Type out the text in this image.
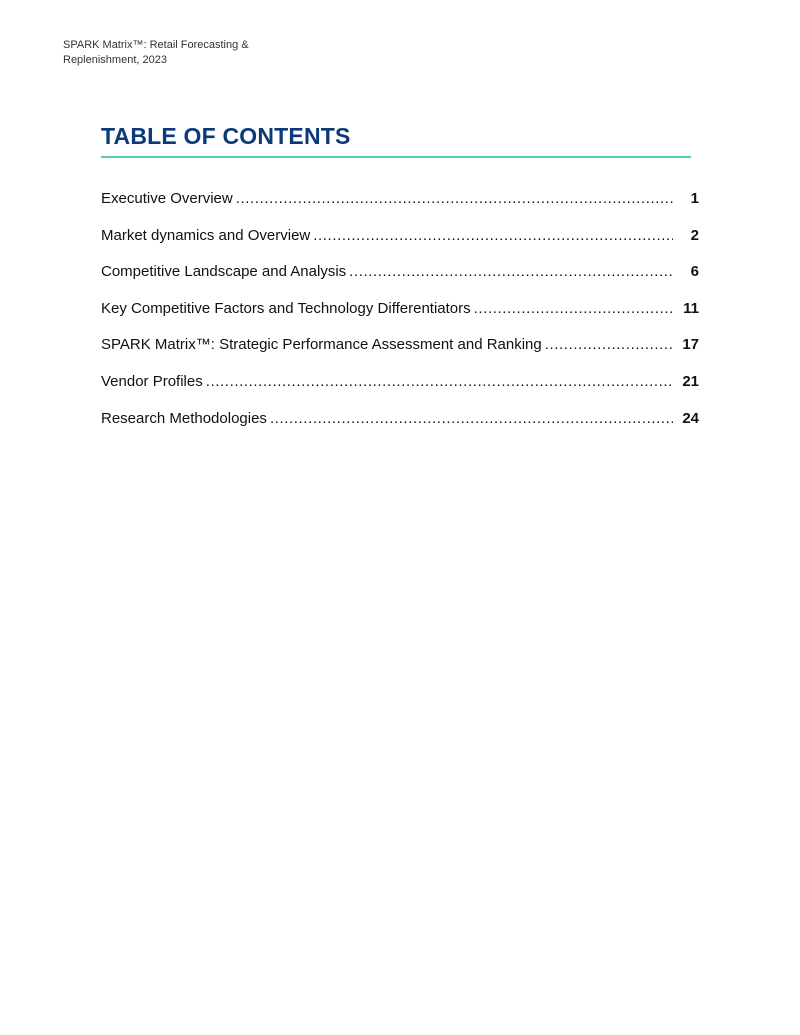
SPARK Matrix™: Retail Forecasting &
Replenishment, 2023
TABLE OF CONTENTS
Executive Overview .....	1
Market dynamics and Overview .....	2
Competitive Landscape and Analysis .....	6
Key Competitive Factors and Technology Differentiators .....	11
SPARK Matrix™: Strategic Performance Assessment and Ranking .....	17
Vendor Profiles .....	21
Research Methodologies .....	24
